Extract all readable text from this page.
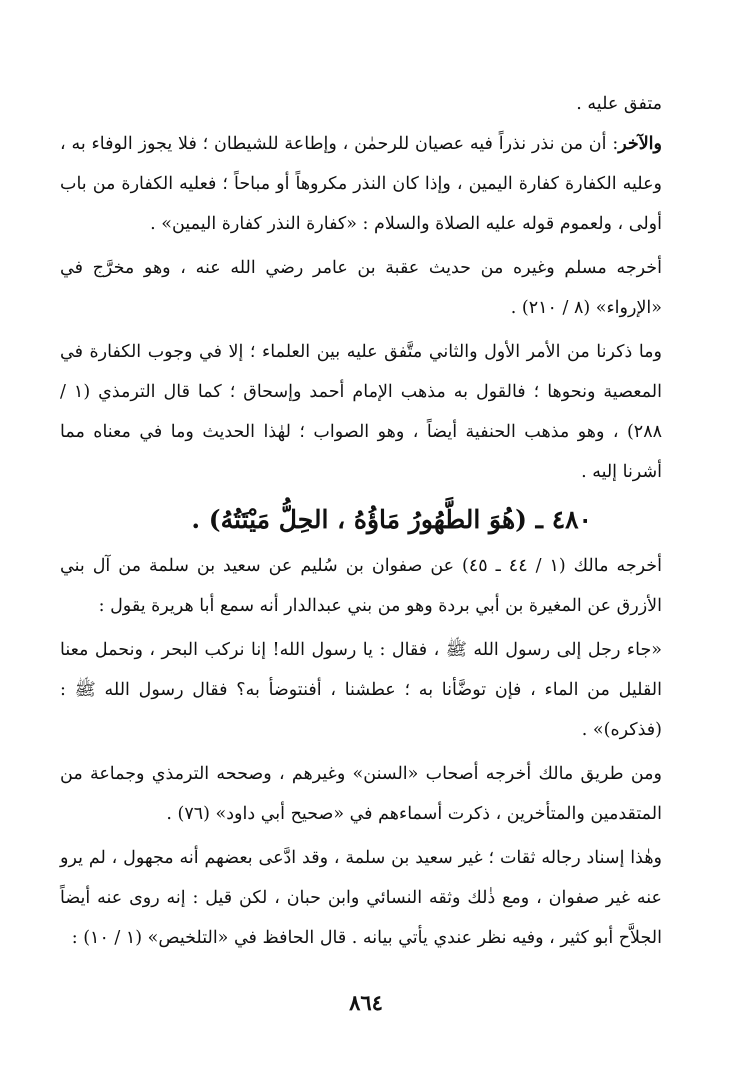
متفق عليه .

والآخر: أن من نذر نذراً فيه عصيان للرحمٰن ، وإطاعة للشيطان ؛ فلا يجوز الوفاء به ، وعليه الكفارة كفارة اليمين ، وإذا كان النذر مكروهاً أو مباحاً ؛ فعليه الكفارة من باب أولى ، ولعموم قوله عليه الصلاة والسلام : «كفارة النذر كفارة اليمين» .

أخرجه مسلم وغيره من حديث عقبة بن عامر رضي الله عنه ، وهو مخرَّج في «الإرواء» (٨ / ٢١٠) .

وما ذكرنا من الأمر الأول والثاني متَّفق عليه بين العلماء ؛ إلا في وجوب الكفارة في المعصية ونحوها ؛ فالقول به مذهب الإمام أحمد وإسحاق ؛ كما قال الترمذي (١ / ٢٨٨) ، وهو مذهب الحنفية أيضاً ، وهو الصواب ؛ لهٰذا الحديث وما في معناه مما أشرنا إليه .

٤٨٠ ـ (هُوَ الطَّهُورُ مَاؤُهُ ، الحِلُّ مَيْتَتُهُ) .

أخرجه مالك (١ / ٤٤ ـ ٤٥) عن صفوان بن سُليم عن سعيد بن سلمة من آل بني الأزرق عن المغيرة بن أبي بردة وهو من بني عبدالدار أنه سمع أبا هريرة يقول :

«جاء رجل إلى رسول الله ﷺ ، فقال : يا رسول الله! إنا نركب البحر ، ونحمل معنا القليل من الماء ، فإن توضَّأنا به ؛ عطشنا ، أفنتوضأ به؟ فقال رسول الله ﷺ : (فذكره)» .

ومن طريق مالك أخرجه أصحاب «السنن» وغيرهم ، وصححه الترمذي وجماعة من المتقدمين والمتأخرين ، ذكرت أسماءهم في «صحيح أبي داود» (٧٦) .

وهٰذا إسناد رجاله ثقات ؛ غير سعيد بن سلمة ، وقد ادَّعى بعضهم أنه مجهول ، لم يرو عنه غير صفوان ، ومع ذٰلك وثقه النسائي وابن حبان ، لكن قيل : إنه روى عنه أيضاً الجلاَّح أبو كثير ، وفيه نظر عندي يأتي بيانه . قال الحافظ في «التلخيص» (١ / ١٠) :

٨٦٤
